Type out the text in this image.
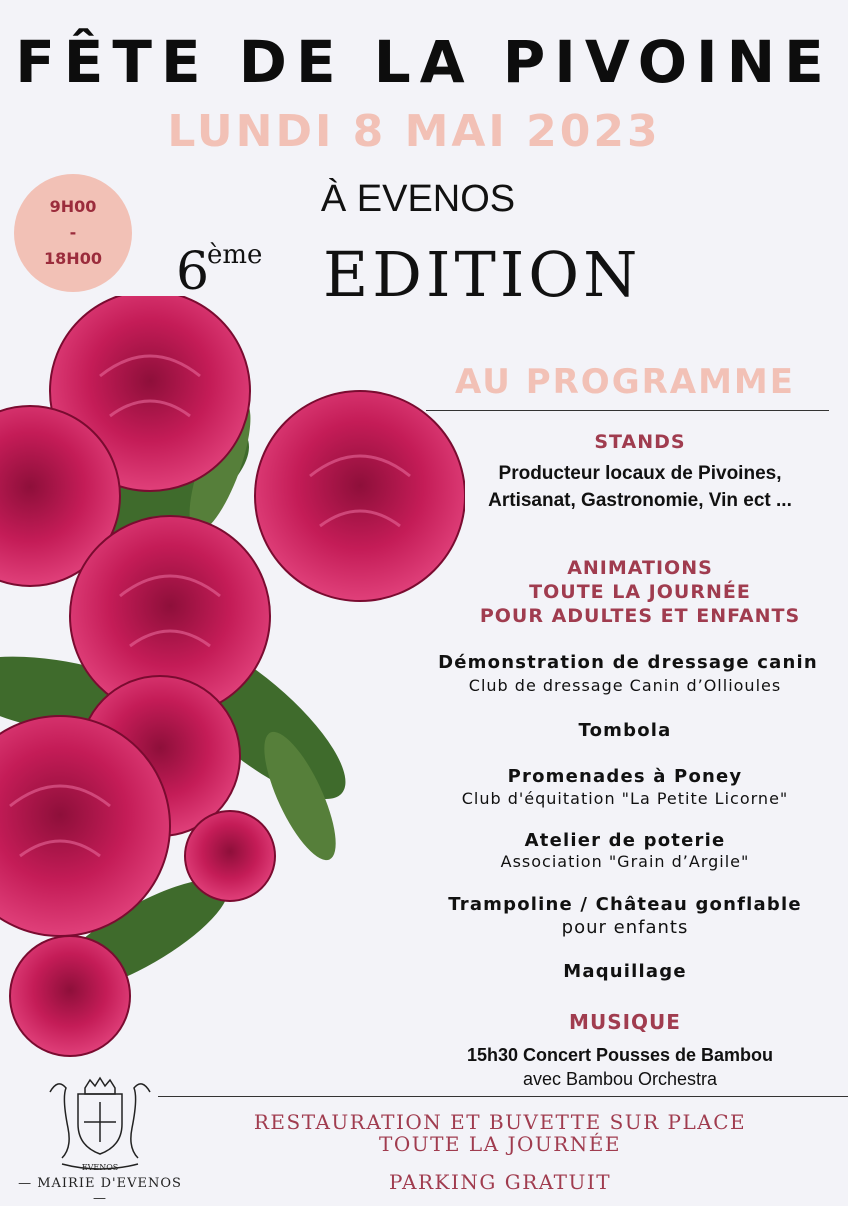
FÊTE DE LA PIVOINE
LUNDI 8 MAI 2023
9H00
-
18H00
À EVENOS
6
ème EDITION
AU PROGRAMME
STANDS
Producteur locaux de Pivoines,
Artisanat, Gastronomie, Vin ect ...
ANIMATIONS
TOUTE LA JOURNÉE
POUR ADULTES ET ENFANTS
Démonstration de dressage canin
Club de dressage Canin d’Ollioules
Tombola
Promenades à Poney
Club d'équitation "La Petite Licorne"
Atelier de poterie
Association "Grain d’Argile"
Trampoline / Château gonflable
pour enfants
Maquillage
MUSIQUE
15h30 Concert Pousses de Bambou
avec Bambou Orchestra
EVENOS
— MAIRIE D'EVENOS —
RESTAURATION ET BUVETTE SUR PLACE
TOUTE LA JOURNÉE
PARKING GRATUIT
